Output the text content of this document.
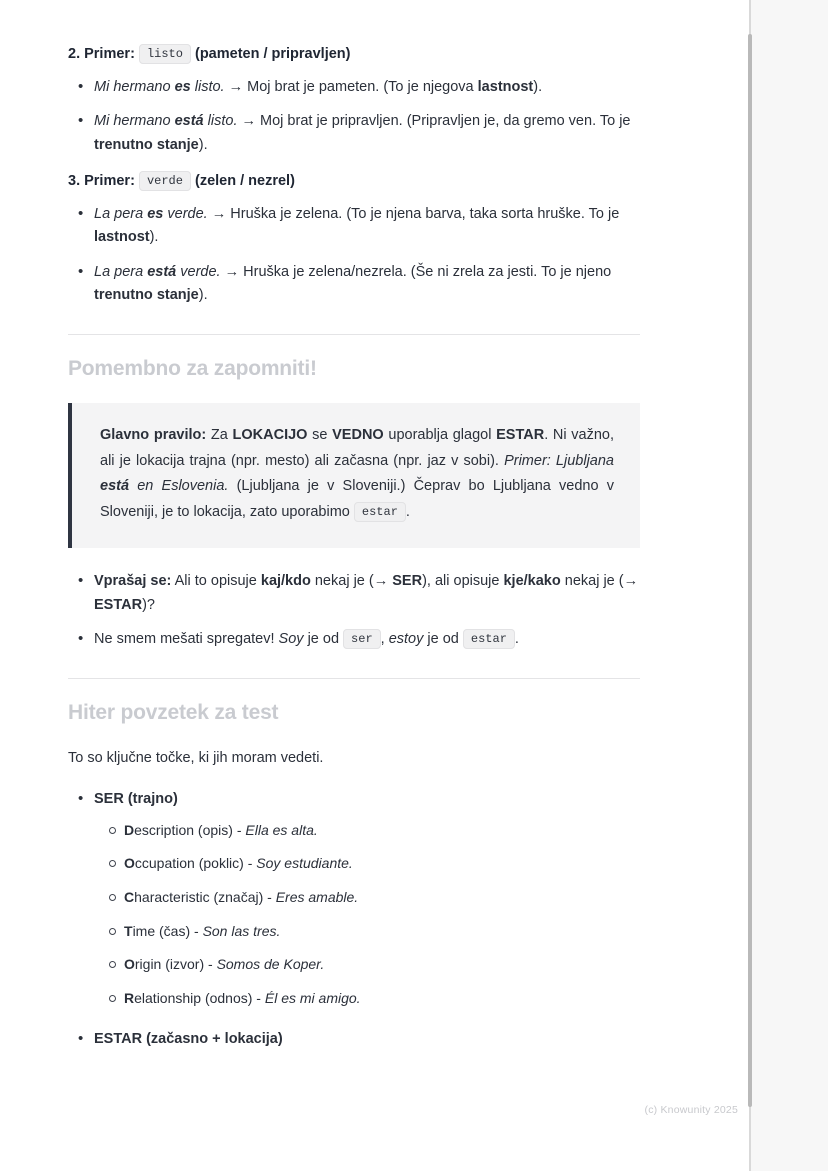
2. Primer: listo (pameten / pripravljen)
• Mi hermano es listo. → Moj brat je pameten. (To je njegova lastnost).
• Mi hermano está listo. → Moj brat je pripravljen. (Pripravljen je, da gremo ven. To je trenutno stanje).
3. Primer: verde (zelen / nezrel)
• La pera es verde. → Hruška je zelena. (To je njena barva, taka sorta hruške. To je lastnost).
• La pera está verde. → Hruška je zelena/nezrela. (Še ni zrela za jesti. To je njeno trenutno stanje).
Pomembno za zapomniti!

Glavno pravilo: Za LOKACIJO se VEDNO uporablja glagol ESTAR. Ni važno, ali je lokacija trajna (npr. mesto) ali začasna (npr. jaz v sobi). Primer: Ljubljana está en Eslovenia. (Ljubljana je v Sloveniji.) Čeprav bo Ljubljana vedno v Sloveniji, je to lokacija, zato uporabimo estar .

• Vprašaj se: Ali to opisuje kaj/kdo nekaj je (→ SER), ali opisuje kje/kako nekaj je (→ ESTAR)?
• Ne smem mešati spregatev! Soy je od ser , estoy je od estar .
Hiter povzetek za test

To so ključne točke, ki jih moram vedeti.

• SER (trajno)
Description (opis) - Ella es alta.
Occupation (poklic) - Soy estudiante.
Characteristic (značaj) - Eres amable.
Time (čas) - Son las tres.
Origin (izvor) - Somos de Koper.
Relationship (odnos) - Él es mi amigo.
• ESTAR (začasno + lokacija)
(c) Knowunity 2025
